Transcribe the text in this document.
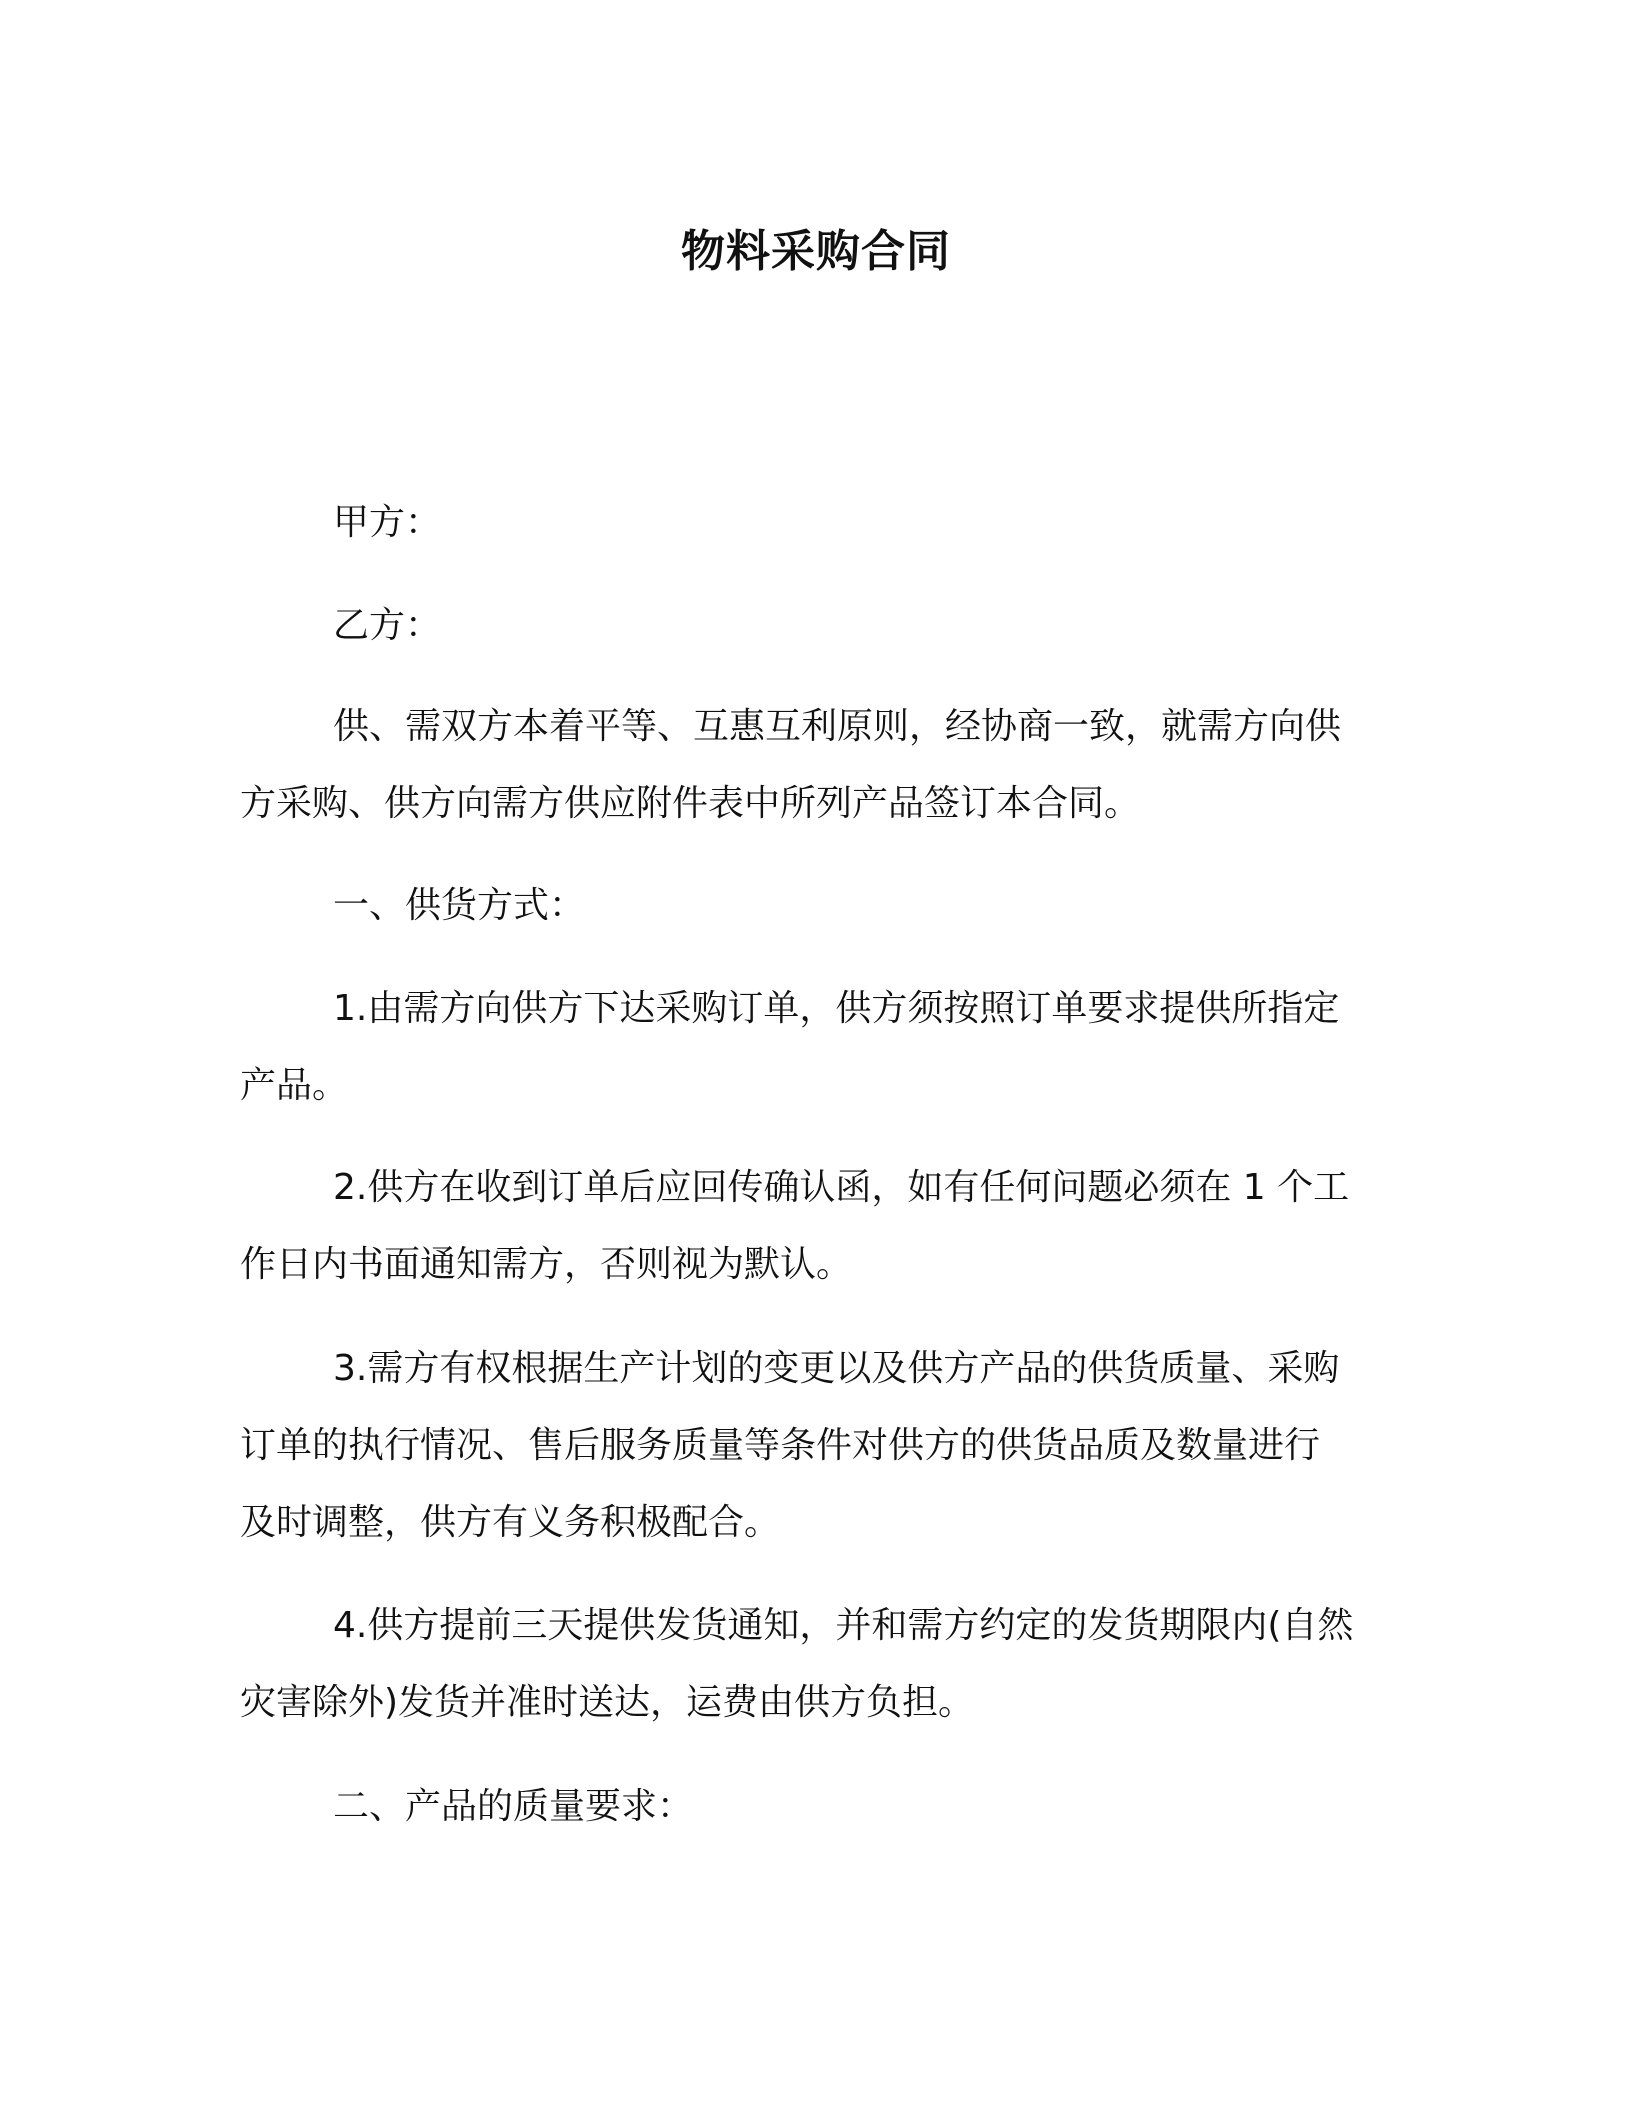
物料采购合同
甲方：
乙方：
供、需双方本着平等、互惠互利原则，经协商一致，就需方向供
方采购、供方向需方供应附件表中所列产品签订本合同。
一、供货方式：
1.由需方向供方下达采购订单，供方须按照订单要求提供所指定
产品。
2.供方在收到订单后应回传确认函，如有任何问题必须在 1 个工
作日内书面通知需方，否则视为默认。
3.需方有权根据生产计划的变更以及供方产品的供货质量、采购
订单的执行情况、售后服务质量等条件对供方的供货品质及数量进行
及时调整，供方有义务积极配合。
4.供方提前三天提供发货通知，并和需方约定的发货期限内(自然
灾害除外)发货并准时送达，运费由供方负担。
二、产品的质量要求：
